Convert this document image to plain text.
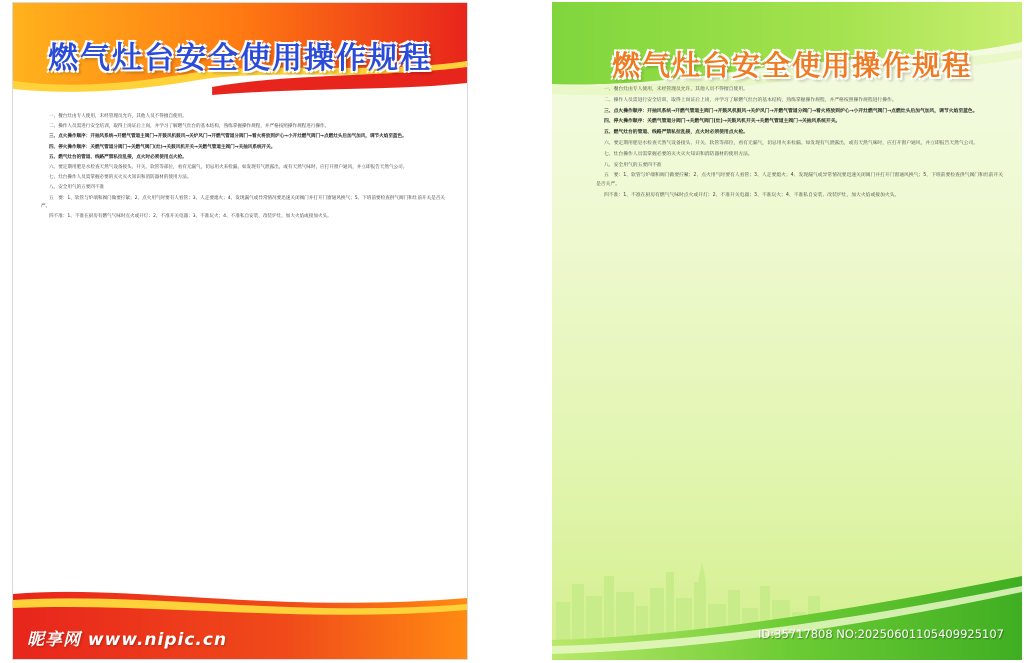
燃气灶台安全使用操作规程

一、餐台灶由专人使用，未经管理员允许，其他人员不得擅自使用。

二、操作人员需进行安全培训，取得上岗证后上岗，并学习了解燃气灶台的基本结构，熟练掌握操作规程，并严格按照操作规程进行操作。

三、点火操作顺序：开抽风系统→开燃气管道主阀门→开鼓风机鼓风→关炉风门→开燃气管道分阀门→看火将放到炉心→小开灶燃气阀门→点燃灶头后加气加风，调节火焰至蓝色。

四、停火操作顺序：关燃气管道分阀门→关燃气阀门(灶)→关鼓风机开关→关燃气管道主阀门→关抽风系统开关。

五、燃气灶台的管道、线路严禁私拉乱接，点火时必须使用点火枪。

六、要定期用肥皂水检查天然气设备接头、开关、软管等部位，看有无漏气，切忌用火来检漏。如发现有气泄露出，或有天然气味时，应打开窗户通风，并立即报告天然气公司。

七、灶台操作人员需掌握必要的灭火灭火知识和消防器材的使用方法。

八、安全用气的五要四不准

五　要：1、软管与炉端和阀门做要拧紧；2、点火用气时要有人看管；3、人走要熄火；4、发现漏气或异常情况要迅速关闭阀门并打开门窗通风换气；5、下班前要检查供气阀门和灶前开关是否关严。

四不准：1、不准在厨房有燃气气味时点火或开灯；2、不准开关电器；3、不准玩火；4、不准私自安装、改装炉灶，加大火焰或接加火头。

昵享网 www.nipic.cn
燃气灶台安全使用操作规程

一、餐台灶由专人使用，未经管理员允许，其他人员不得擅自使用。

二、操作人员需进行安全培训，取得上岗证后上岗，并学习了解燃气灶台的基本结构，熟练掌握操作规程，并严格按照操作规程进行操作。

三、点火操作顺序：开抽风系统→开燃气管道主阀门→开鼓风机鼓风→关炉风门→开燃气管道分阀门→看火将放到炉心→小开灶燃气阀门→点燃灶头后加气加风，调节火焰至蓝色。

四、停火操作顺序：关燃气管道分阀门→关燃气阀门(灶)→关鼓风机开关→关燃气管道主阀门→关抽风系统开关。

五、燃气灶台的管道、线路严禁私拉乱接，点火时必须使用点火枪。

六、要定期用肥皂水检查天然气设备接头、开关、软管等部位，看有无漏气，切忌用火来检漏。如发现有气泄露出，或有天然气味时，应打开窗户通风，并立即报告天然气公司。

七、灶台操作人员需掌握必要的灭火灭火知识和消防器材的使用方法。

八、安全用气的五要四不准

五　要：1、软管与炉端和阀门做要拧紧；2、点火用气时要有人看管；3、人走要熄火；4、发现漏气或异常情况要迅速关闭阀门并打开门窗通风换气；5、下班前要检查供气阀门和灶前开关是否关严。

四不准：1、不准在厨房有燃气气味时点火或开灯；2、不准开关电器；3、不准玩火；4、不准私自安装、改装炉灶，加大火焰或接加火头。

ID:35717808 NO:20250601105409925107
